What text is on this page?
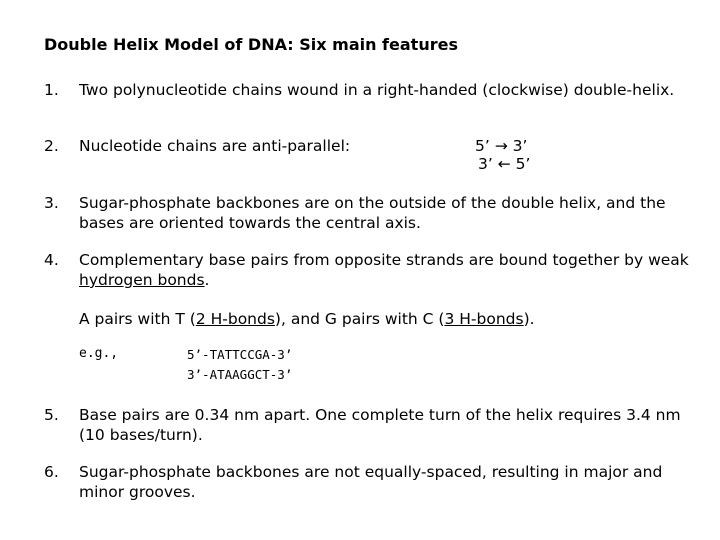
Double Helix Model of DNA: Six main features
1. Two polynucleotide chains wound in a right-handed (clockwise) double-helix.
2. Nucleotide chains are anti-parallel:	5’ → 3’
3’ ← 5’
3. Sugar-phosphate backbones are on the outside of the double helix, and the bases are oriented towards the central axis.
4. Complementary base pairs from opposite strands are bound together by weak hydrogen bonds.
A pairs with T (2 H-bonds), and G pairs with C (3 H-bonds).
e.g.,	5’-TATTCCGA-3’
3’-ATAAGGCT-3’
5. Base pairs are 0.34 nm apart. One complete turn of the helix requires 3.4 nm (10 bases/turn).
6. Sugar-phosphate backbones are not equally-spaced, resulting in major and minor grooves.
